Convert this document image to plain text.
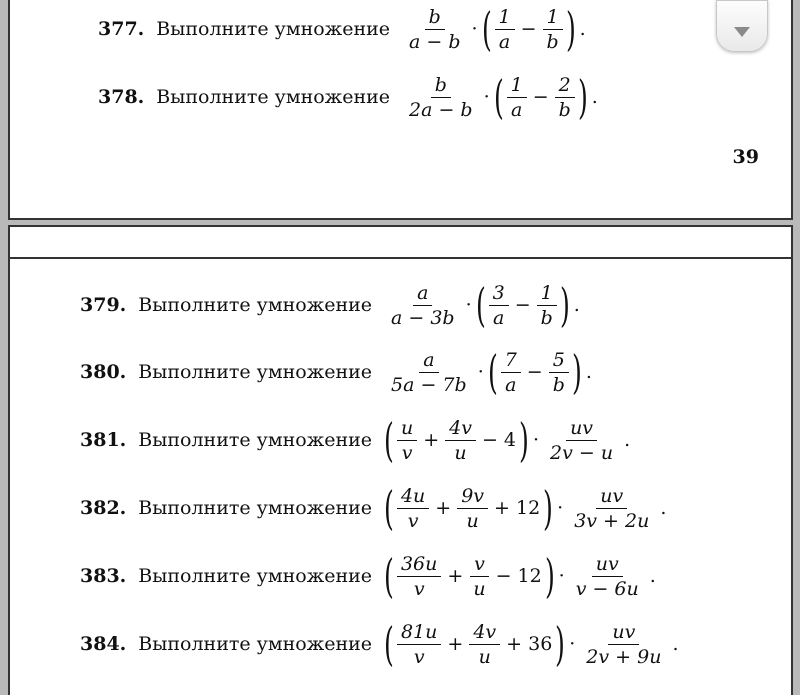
377. Выполните умножение $\frac{b}{a - b}$ · ( $\frac{1}{a} - \frac{1}{b}$ ) .
378. Выполните умножение $\frac{b}{2a - b}$ · ( $\frac{1}{a} - \frac{2}{b}$ ) .
39
379. Выполните умножение $\frac{a}{a - 3b}$ · ( $\frac{3}{a} - \frac{1}{b}$ ) .
380. Выполните умножение $\frac{a}{5a - 7b}$ · ( $\frac{7}{a} - \frac{5}{b}$ ) .
381. Выполните умножение ( $\frac{u}{v} + \frac{4v}{u} - 4$ ) · $\frac{uv}{2v - u}$ .
382. Выполните умножение ( $\frac{4u}{v} + \frac{9v}{u} + 12$ ) · $\frac{uv}{3v + 2u}$ .
383. Выполните умножение ( $\frac{36u}{v} + \frac{v}{u} - 12$ ) · $\frac{uv}{v - 6u}$ .
384. Выполните умножение ( $\frac{81u}{v} + \frac{4v}{u} + 36$ ) · $\frac{uv}{2v + 9u}$ .
